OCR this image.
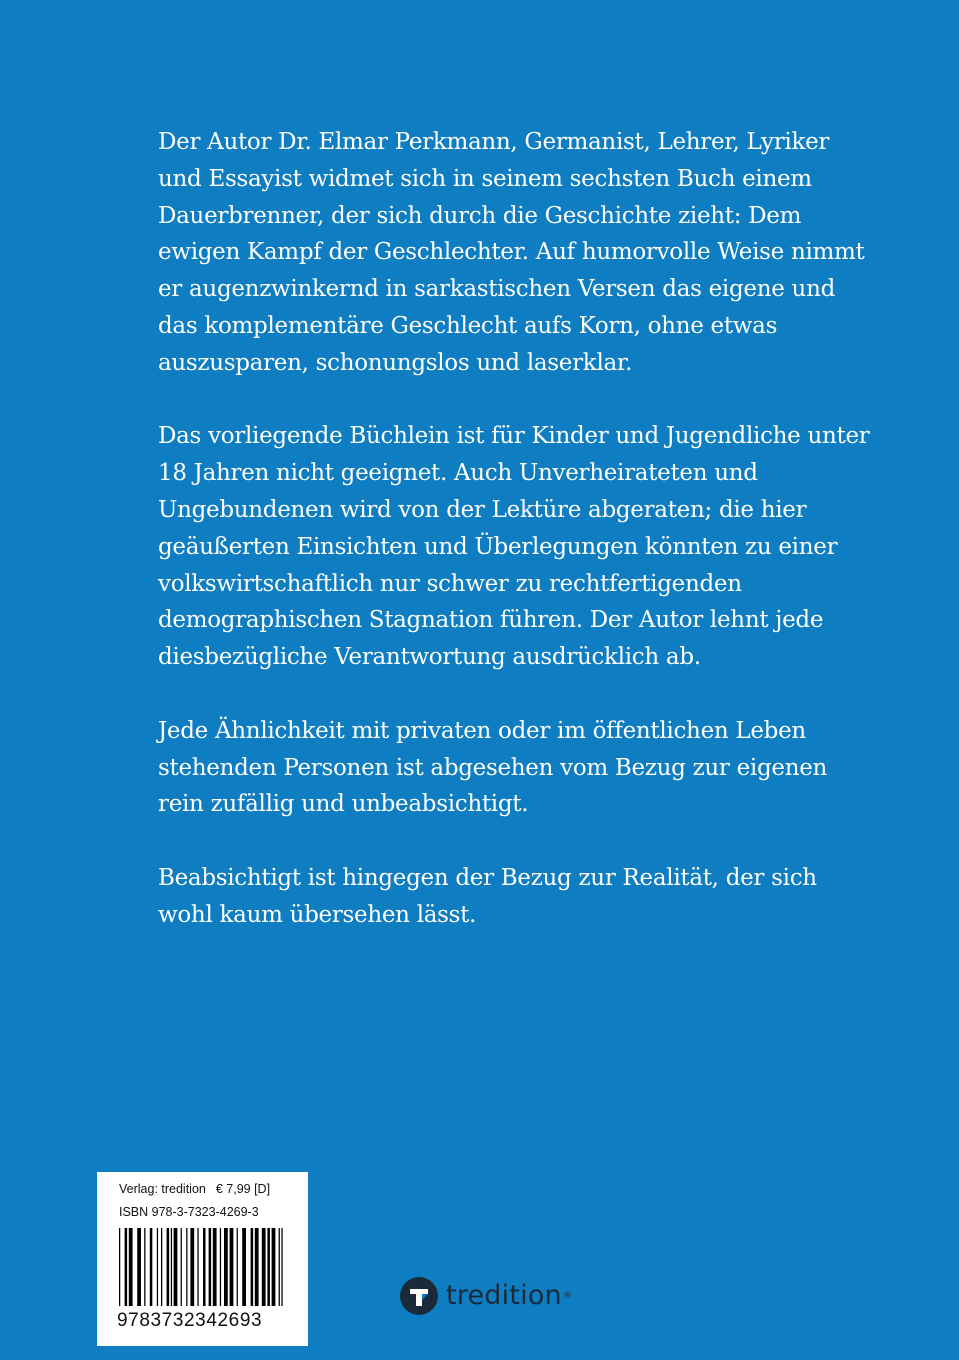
Der Autor Dr. Elmar Perkmann, Germanist, Lehrer, Lyriker und Essayist widmet sich in seinem sechsten Buch einem Dauerbrenner, der sich durch die Geschichte zieht: Dem ewigen Kampf der Geschlechter. Auf humorvolle Weise nimmt er augenzwinkernd in sarkastischen Versen das eigene und das komplementäre Geschlecht aufs Korn, ohne etwas auszusparen, schonungslos und laserklar.

Das vorliegende Büchlein ist für Kinder und Jugendliche unter 18 Jahren nicht geeignet. Auch Unverheirateten und Ungebundenen wird von der Lektüre abgeraten; die hier geäußerten Einsichten und Überlegungen könnten zu einer volkswirtschaftlich nur schwer zu rechtfertigenden demographischen Stagnation führen. Der Autor lehnt jede diesbezügliche Verantwortung ausdrücklich ab.

Jede Ähnlichkeit mit privaten oder im öffentlichen Leben stehenden Personen ist abgesehen vom Bezug zur eigenen rein zufällig und unbeabsichtigt.

Beabsichtigt ist hingegen der Bezug zur Realität, der sich wohl kaum übersehen lässt.

Verlag: tredition € 7,99 [D]
ISBN 978-3-7323-4269-3
9783732342693
tredition ®
